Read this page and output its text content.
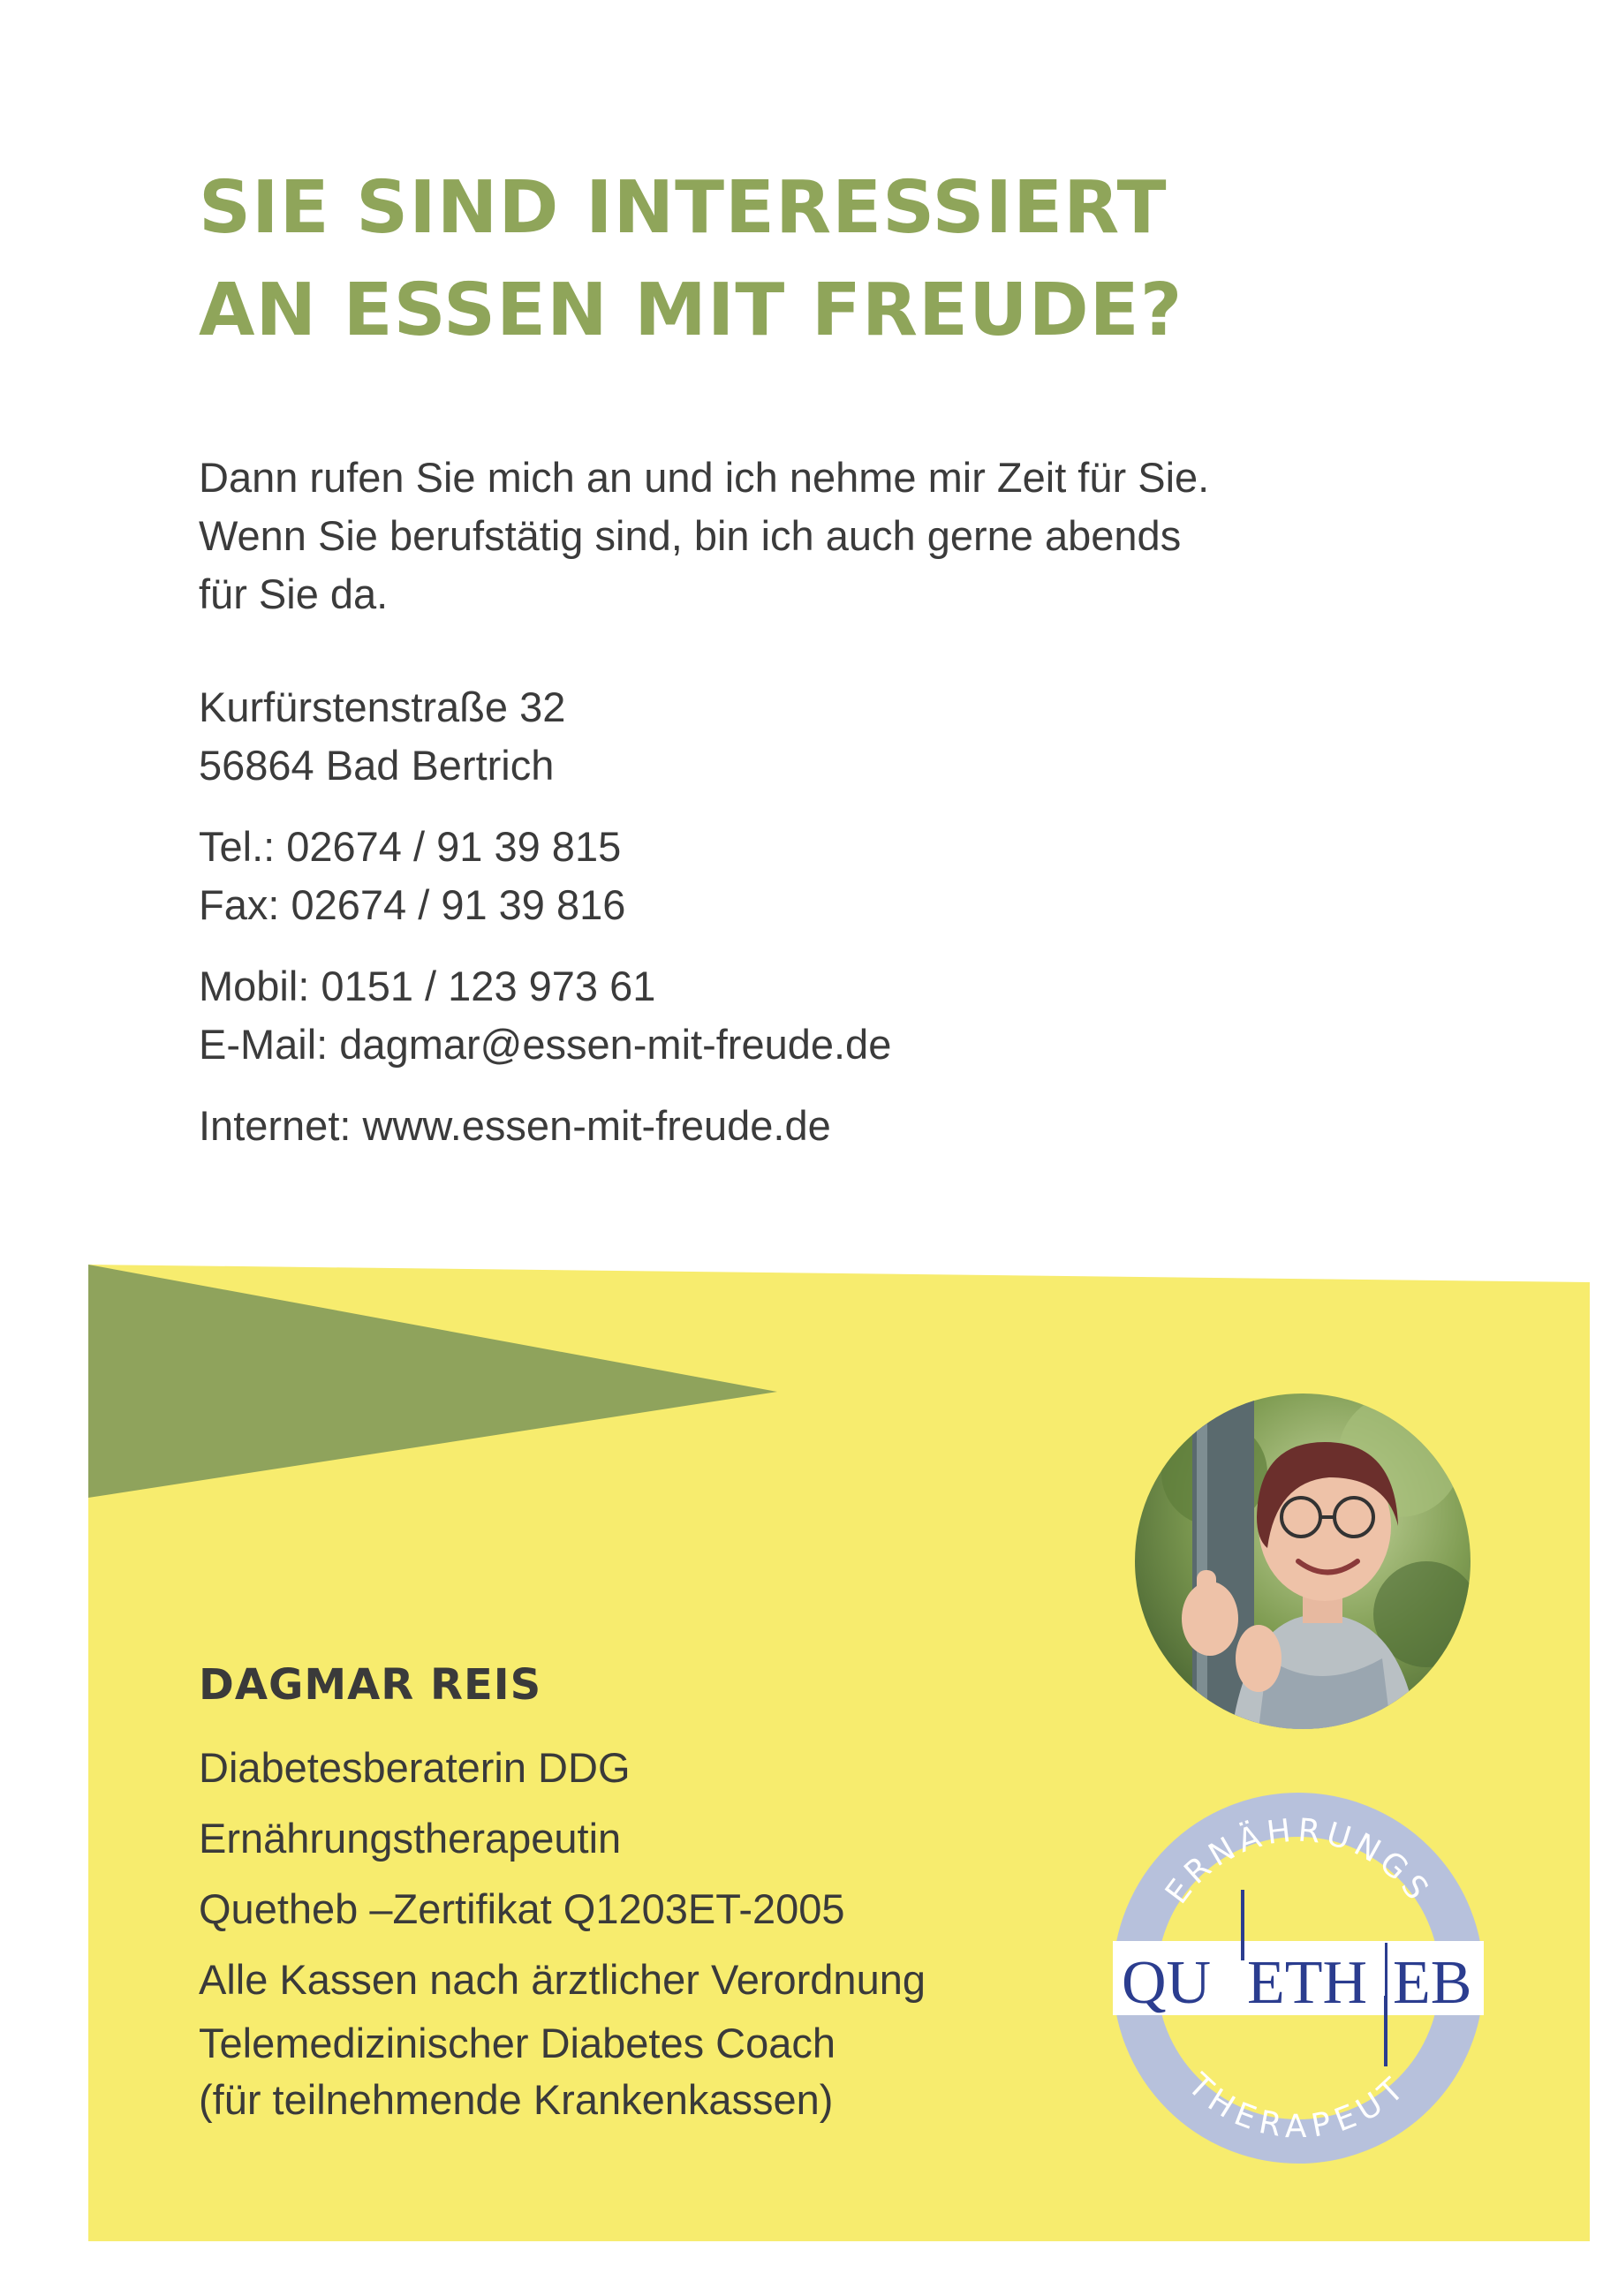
SIE SIND INTERESSIERT
AN ESSEN MIT FREUDE?

Dann rufen Sie mich an und ich nehme mir Zeit für Sie.
Wenn Sie berufstätig sind, bin ich auch gerne abends
für Sie da.

Kurfürstenstraße 32
56864 Bad Bertrich
Tel.: 02674 / 91 39 815
Fax: 02674 / 91 39 816
Mobil: 0151 / 123 973 61
E-Mail: dagmar@essen-mit-freude.de
Internet: www.essen-mit-freude.de
DAGMAR REIS
Diabetesberaterin DDG
Ernährungstherapeutin
Quetheb –Zertifikat Q1203ET-2005
Alle Kassen nach ärztlicher Verordnung
Telemedizinischer Diabetes Coach
(für teilnehmende Krankenkassen)
ERNÄHRUNGS
THERAPEUT
QU ETH EB
